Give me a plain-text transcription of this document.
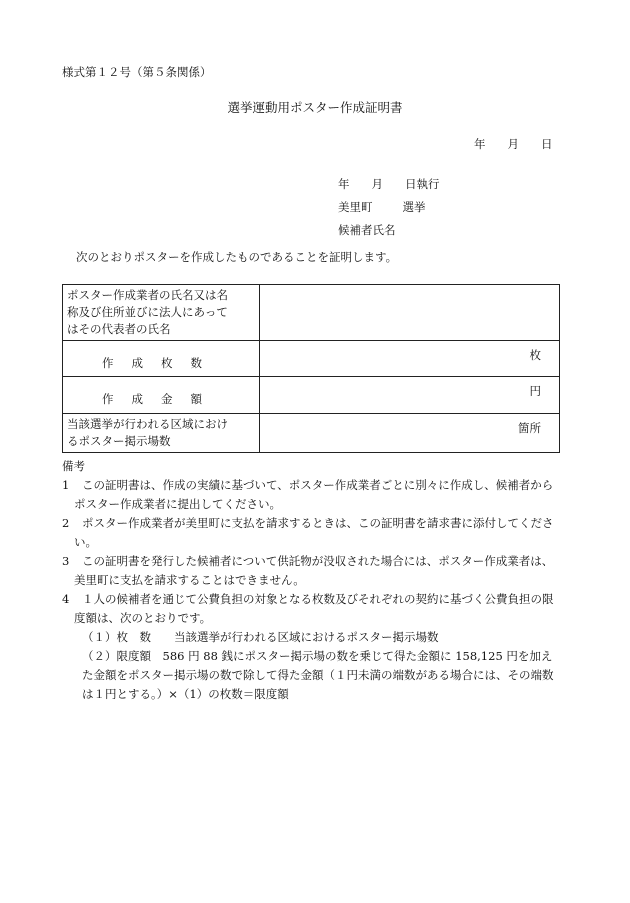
様式第１２号（第５条関係）
選挙運動用ポスター作成証明書
年 月 日
年 月 日執行
美里町	選挙
候補者氏名
次のとおりポスターを作成したものであることを証明します。
ポスター作成業者の氏名又は名
称及び住所並びに法人にあって
はその代表者の氏名	

作成枚数	枚

作成金額	円

当該選挙が行われる区域におけ
るポスター掲示場数	箇所
備考
1 この証明書は、作成の実績に基づいて、ポスター作成業者ごとに別々に作成し、候補者からポスター作成業者に提出してください。
2 ポスター作成業者が美里町に支払を請求するときは、この証明書を請求書に添付してください。
3 この証明書を発行した候補者について供託物が没収された場合には、ポスター作成業者は、美里町に支払を請求することはできません。
4 １人の候補者を通じて公費負担の対象となる枚数及びそれぞれの契約に基づく公費負担の限度額は、次のとおりです。
（１）枚　数　　 当該選挙が行われる区域におけるポスター掲示場数
（２）限度額　 586 円 88 銭にポスター掲示場の数を乗じて得た金額に 158,125 円を加えた金額をポスター掲示場の数で除して得た金額（１円未満の端数がある場合には、その端数は１円とする。）×（1）の枚数＝限度額
